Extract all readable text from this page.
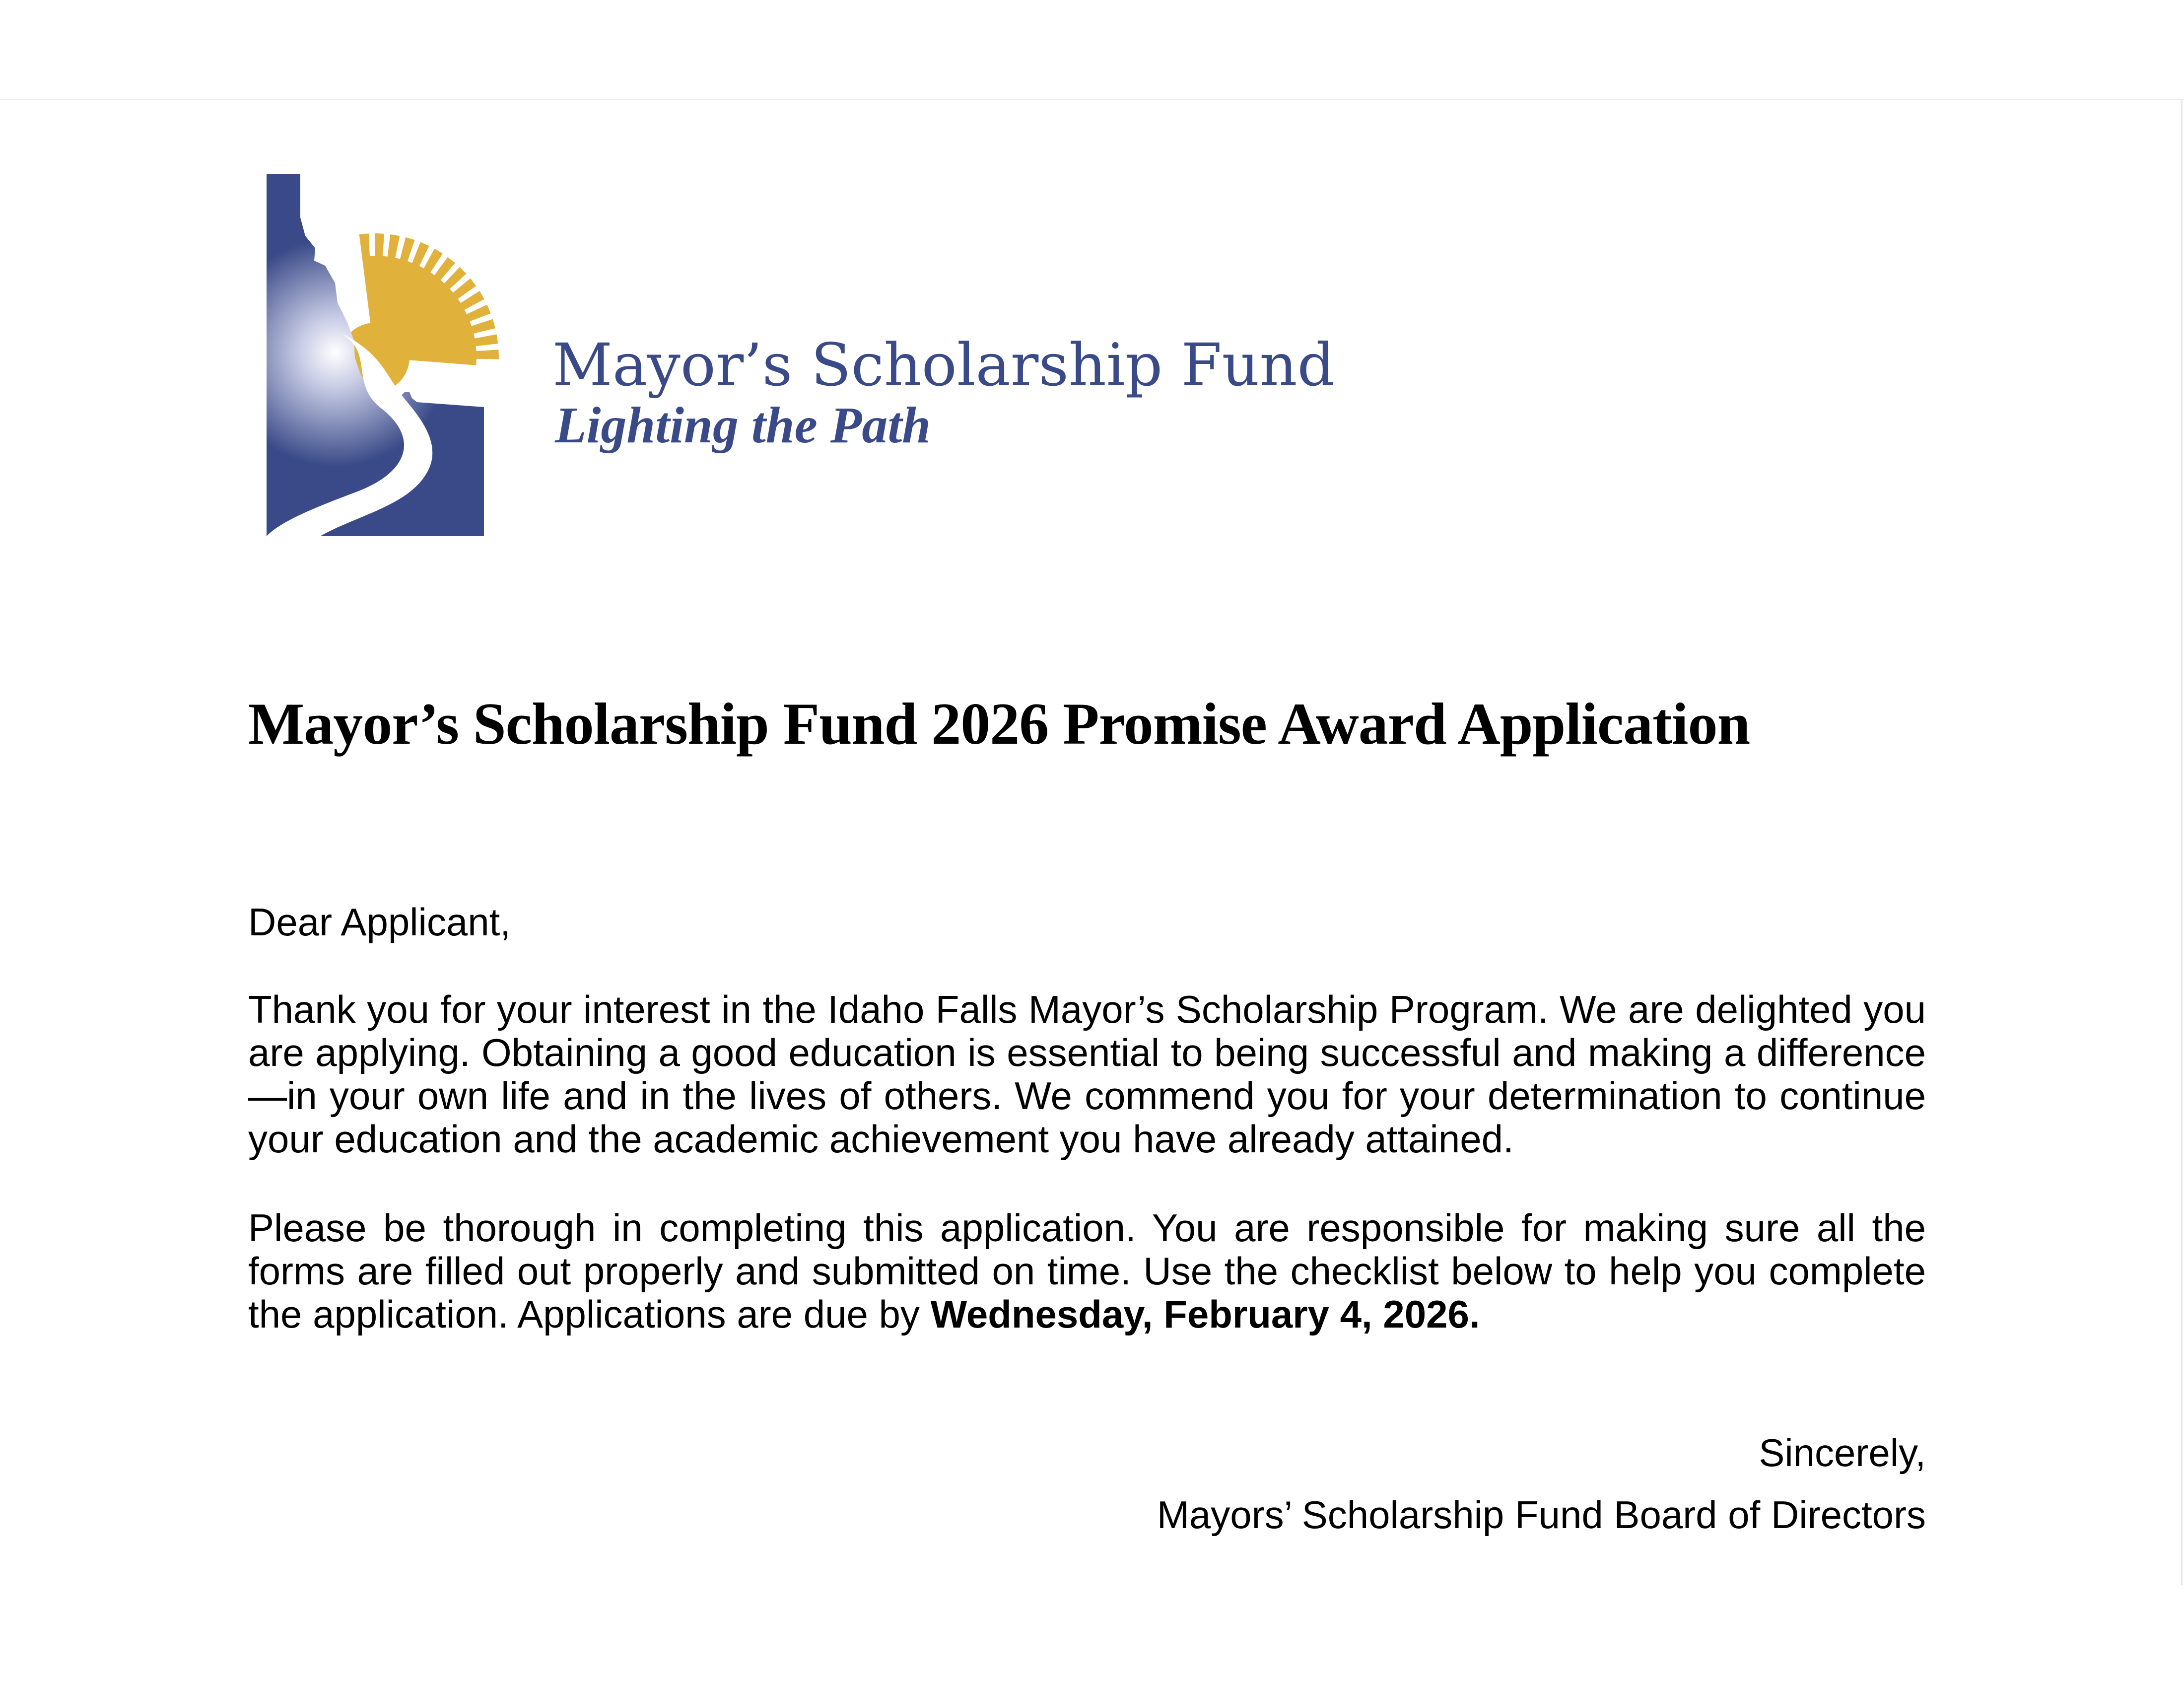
Mayor’s Scholarship Fund
Lighting the Path
Mayor’s Scholarship Fund 2026 Promise Award Application
Dear Applicant,
Thank you for your interest in the Idaho Falls Mayor’s Scholarship Program. We are delighted you are applying. Obtaining a good education is essential to being successful and making a difference—in your own life and in the lives of others. We commend you for your determination to continue your education and the academic achievement you have already attained.
Please be thorough in completing this application. You are responsible for making sure all the forms are filled out properly and submitted on time. Use the checklist below to help you complete the application. Applications are due by Wednesday, February 4, 2026.
Sincerely,
Mayors’ Scholarship Fund Board of Directors
